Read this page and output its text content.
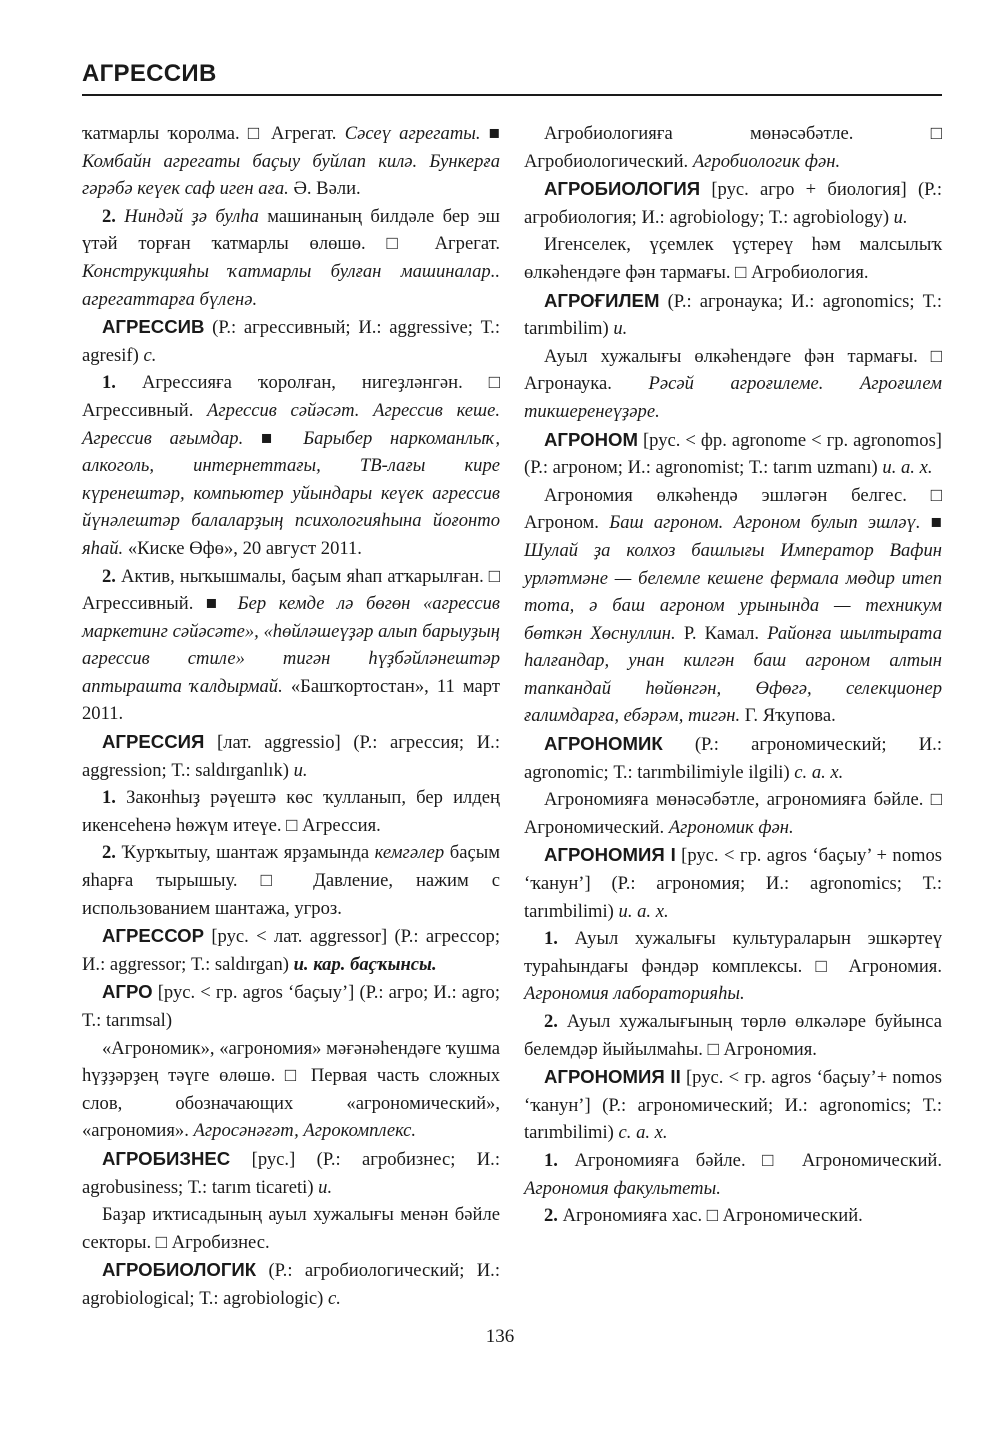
АГРЕССИВ

ҡатмарлы ҡоролма. □ Агрегат. Сәсеү агрегаты. ■ Комбайн агрегаты баҫыу буйлап килә. Бункерға гәрәбә кеүек саф иген аға. Ә. Вәли.

2. Ниндәй ҙә булһа машинаның билдәле бер эш үтәй торған ҡатмарлы өлөшө. □ Агрегат. Конструкцияһы ҡатмарлы булған машиналар.. агрегаттарға бүленә.

АГРЕССИВ (Р.: агрессивный; И.: aggressive; Т.: agresif) с.

1. Агрессияға ҡоролған, нигеҙләнгән. □ Агрессивный. Агрессив сәйәсәт. Агрессив кеше. Агрессив ағымдар. ■ Барыбер наркоманлыҡ, алкоголь, интернеттағы, ТВ-лағы кире күренештәр, компьютер уйындары кеүек агрессив йүнәлештәр балаларҙың психологияһына йоғонто яһай. «Киске Өфө», 20 август 2011.

2. Актив, ныҡышмалы, баҫым яһап атҡарылған. □ Агрессивный. ■ Бер кемде лә бөгөн «агрессив маркетинг сәйәсәте», «һөйләшеүҙәр алып барыуҙың агрессив стиле» тигән һүҙбәйләнештәр аптыраштa ҡалдырмай. «Башҡортостан», 11 март 2011.

АГРЕССИЯ [лат. aggressio] (Р.: агрессия; И.: aggression; Т.: saldırganlık) и.

1. Законһыҙ рәүештә көс ҡулланып, бер илдең икенсеһенә һөжүм итеүе. □ Агрессия.

2. Ҡурҡытыу, шантаж ярҙамында кемгәлер баҫым яһарға тырышыу. □ Давление, нажим с использованием шантажа, угроз.

АГРЕССОР [рус. < лат. aggressor] (Р.: агрессор; И.: aggressor; Т.: saldırgan) и. кар. баҫҡынсы.

АГРО [рус. < гр. agros ‘баҫыу’] (Р.: агро; И.: agro; Т.: tarımsal)

«Агрономик», «агрономия» мәғәнәһендәге ҡушма һүҙҙәрҙең тәүге өлөшө. □ Первая часть сложных слов, обозначающих «агрономический», «агрономия». Агросәнәғәт, Агрокомплекс.

АГРОБИЗНЕС [рус.] (Р.: агробизнес; И.: agrobusiness; Т.: tarım ticareti) и.

Баҙар иҡтисадының ауыл хужалығы менән бәйле секторы. □ Агробизнес.

АГРОБИОЛОГИК (Р.: агробиологический; И.: agrobiological; Т.: agrobiologic) с.

Агробиологияға мөнәсәбәтле. □ Агробиологический. Агробиологик фән.

АГРОБИОЛОГИЯ [рус. агро + биология] (Р.: агробиология; И.: agrobiology; Т.: agrobiology) и.

Игенселек, үҫемлек үҫтереү һәм малсылыҡ өлкәһендәге фән тармағы. □ Агробиология.

АГРОҒИЛЕМ (Р.: агронаука; И.: agronomics; Т.: tarımbilim) и.

Ауыл хужалығы өлкәһендәге фән тармағы. □ Агронаука. Рәсәй агроғилеме. Агроғилем тикшеренеүҙәре.

АГРОНОМ [рус. < фр. agronome < гр. agronomos] (Р.: агроном; И.: agronomist; Т.: tarım uzmanı) и. а. х.

Агрономия өлкәһендә эшләгән белгес. □ Агроном. Баш агроном. Агроном булып эшләү. ■ Шулай ҙа колхоз башлығы Император Вафин урләтмәне — белемле кешене фермала мөдир итеп тота, ә баш агроном урынында — техникум бөткән Хөснуллин. Р. Камал. Районға шылтырата һалғандар, унан килгән баш агроном алтын тапкандай һөйөнгән, Өфөгә, селекционер ғалимдарға, ебәрәм, тигән. Г. Яҡупова.

АГРОНОМИК (Р.: агрономический; И.: agronomic; Т.: tarımbilimiyle ilgili) с. а. х.

Агрономияға мөнәсәбәтле, агрономияға бәйле. □ Агрономический. Агрономик фән.

АГРОНОМИЯ I [рус. < гр. agros ‘баҫыу’ + nomos ‘ҡанун’] (Р.: агрономия; И.: agronomics; Т.: tarımbilimi) и. а. х.

1. Ауыл хужалығы культураларын эшкәртеү тураһындағы фәндәр комплексы. □ Агрономия. Агрономия лабораторияһы.

2. Ауыл хужалығының төрлө өлкәләре буйынса белемдәр йыйылмаһы. □ Агрономия.

АГРОНОМИЯ II [рус. < гр. agros ‘баҫыу’+ nomos ‘ҡанун’] (Р.: агрономический; И.: agronomics; Т.: tarımbilimi) с. а. х.

1. Агрономияға бәйле. □ Агрономический. Агрономия факультеты.

2. Агрономияға хас. □ Агрономический.

136
